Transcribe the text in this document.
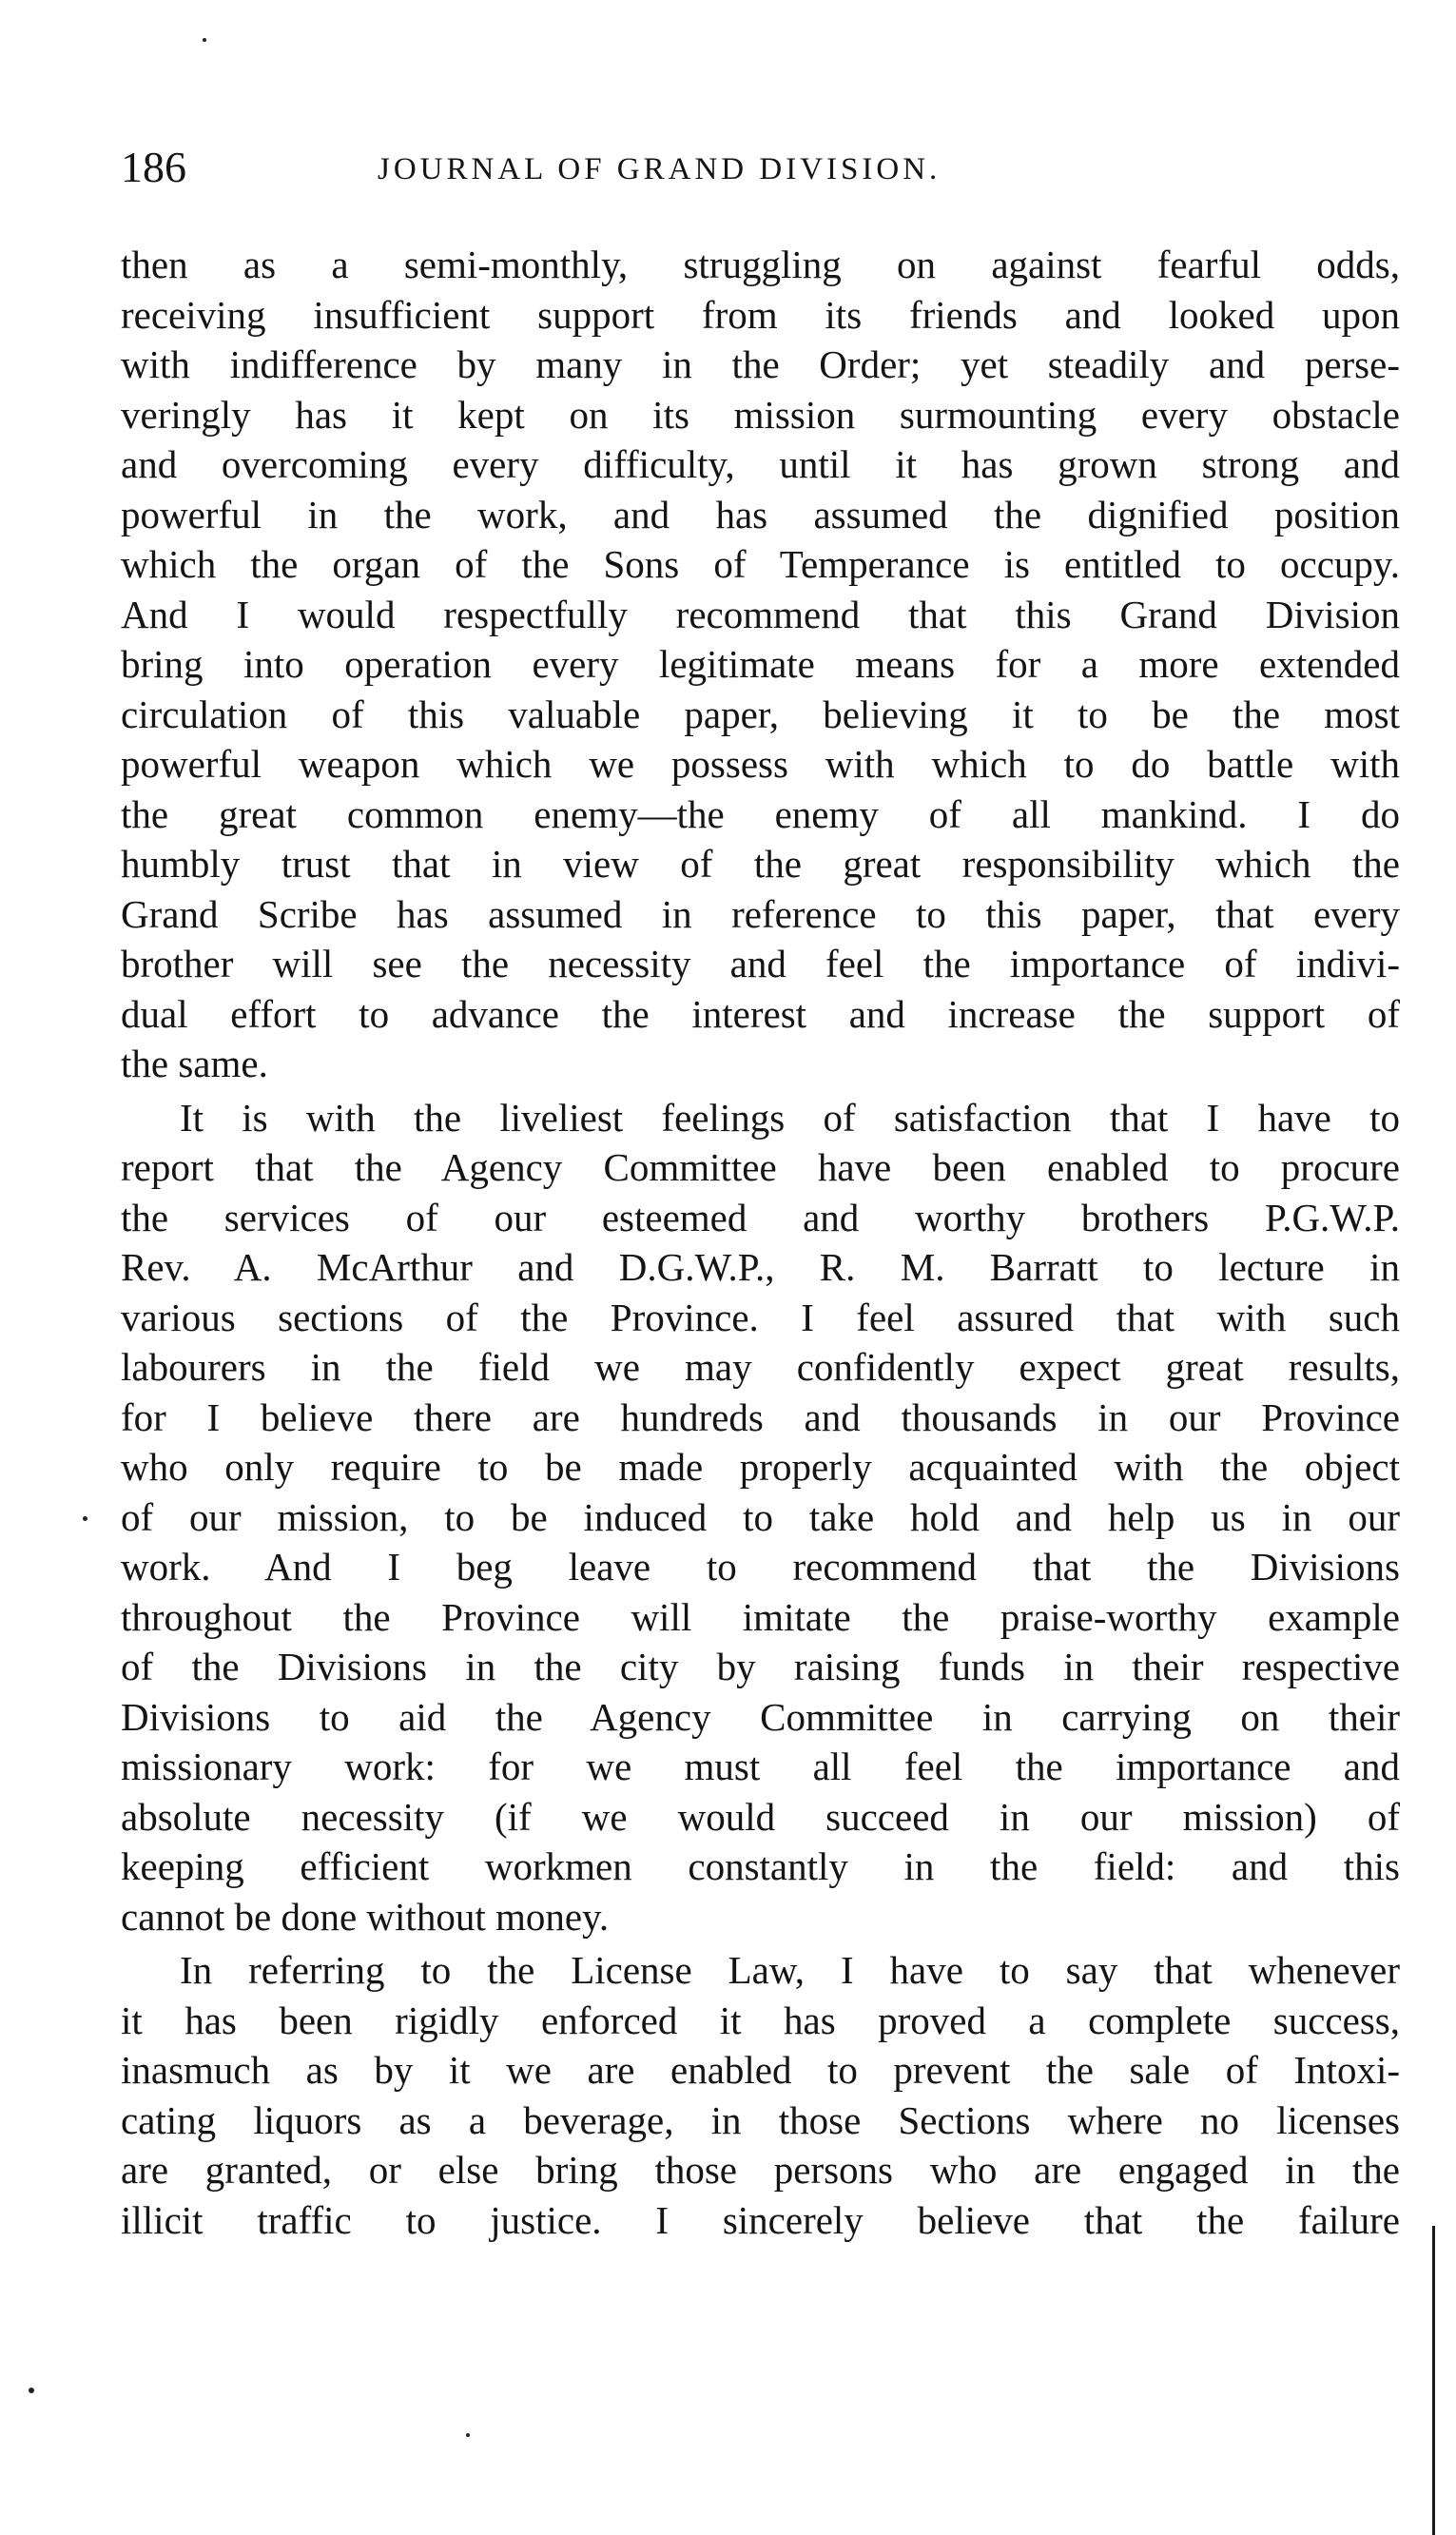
186	JOURNAL OF GRAND DIVISION.

then as a semi-monthly, struggling on against fearful odds,

receiving insufficient support from its friends and looked upon

with indifference by many in the Order; yet steadily and perse-

veringly has it kept on its mission surmounting every obstacle

and overcoming every difficulty, until it has grown strong and

powerful in the work, and has assumed the dignified position

which the organ of the Sons of Temperance is entitled to occupy.

And I would respectfully recommend that this Grand Division

bring into operation every legitimate means for a more extended

circulation of this valuable paper, believing it to be the most

powerful weapon which we possess with which to do battle with

the great common enemy—the enemy of all mankind. I do

humbly trust that in view of the great responsibility which the

Grand Scribe has assumed in reference to this paper, that every

brother will see the necessity and feel the importance of indivi-

dual effort to advance the interest and increase the support of

the same.

It is with the liveliest feelings of satisfaction that I have to

report that the Agency Committee have been enabled to procure

the services of our esteemed and worthy brothers P.G.W.P.

Rev. A. McArthur and D.G.W.P., R. M. Barratt to lecture in

various sections of the Province. I feel assured that with such

labourers in the field we may confidently expect great results,

for I believe there are hundreds and thousands in our Province

who only require to be made properly acquainted with the object

of our mission, to be induced to take hold and help us in our

work. And I beg leave to recommend that the Divisions

throughout the Province will imitate the praise-worthy example

of the Divisions in the city by raising funds in their respective

Divisions to aid the Agency Committee in carrying on their

missionary work: for we must all feel the importance and

absolute necessity (if we would succeed in our mission) of

keeping efficient workmen constantly in the field: and this

cannot be done without money.

In referring to the License Law, I have to say that whenever

it has been rigidly enforced it has proved a complete success,

inasmuch as by it we are enabled to prevent the sale of Intoxi-

cating liquors as a beverage, in those Sections where no licenses

are granted, or else bring those persons who are engaged in the

illicit traffic to justice. I sincerely believe that the failure
